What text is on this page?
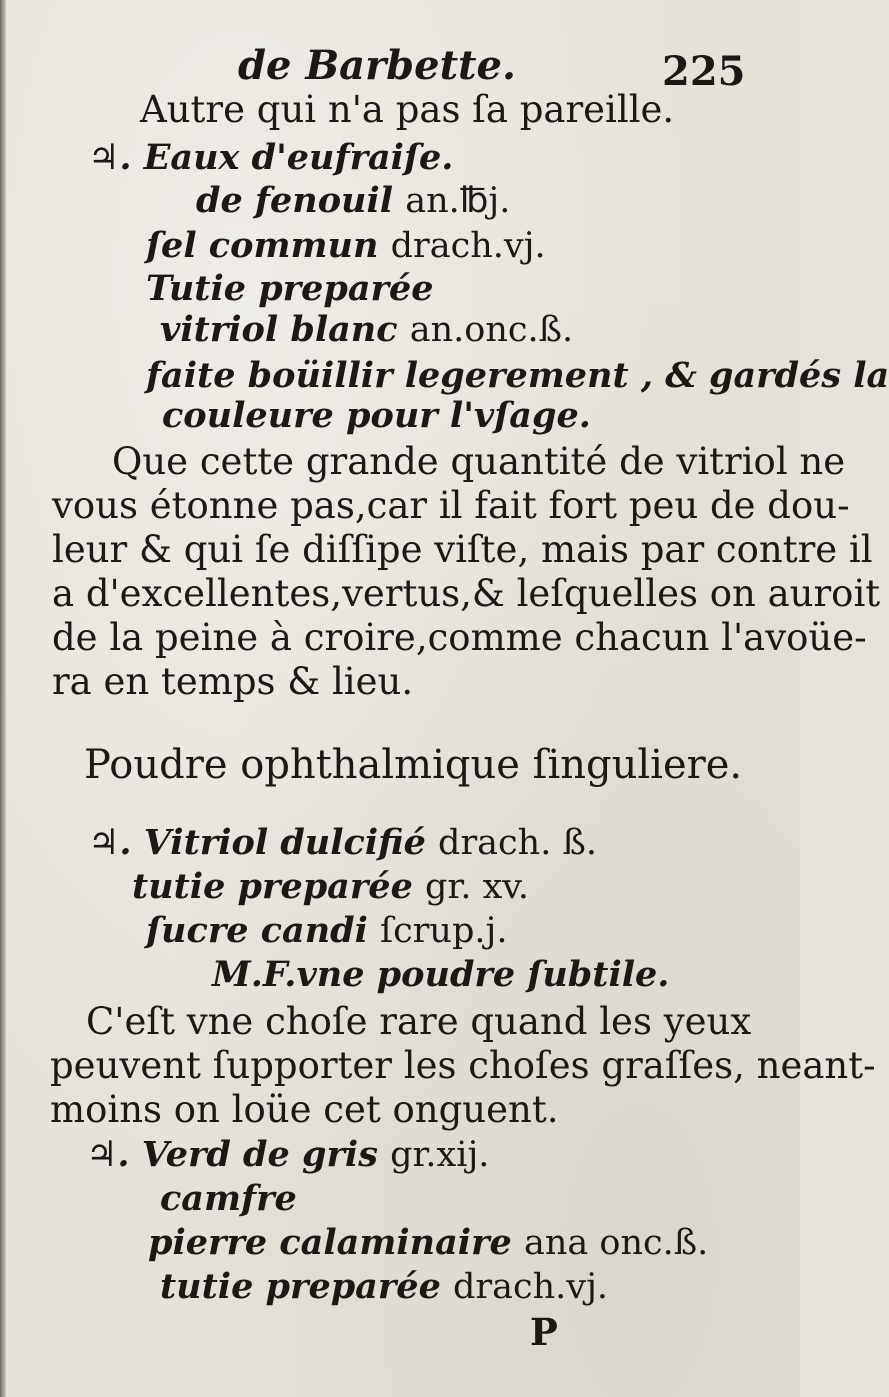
de Barbette.	225
Autre qui n'a pas ſa pareille.
♃. Eaux d'eufraiſe.
de fenouil an.℔j.
ſel commun drach.vj.
Tutie preparée
vitriol blanc an.onc.ß.
faite boüillir legerement , & gardés la
couleure pour l'vſage.
Que cette grande quantité de vitriol ne
vous étonne pas,car il fait fort peu de dou-
leur & qui ſe diſſipe viſte, mais par contre il
a d'excellentes,vertus,& leſquelles on auroit
de la peine à croire,comme chacun l'avoüe-
ra en temps & lieu.
Poudre ophthalmique ſinguliere.
♃. Vitriol dulcifié drach. ß.
tutie preparée gr. xv.
ſucre candi ſcrup.j.
M.F.vne poudre ſubtile.
C'eſt vne choſe rare quand les yeux
peuvent ſupporter les choſes graſſes, neant-
moins on loüe cet onguent.
♃. Verd de gris gr.xij.
camfre
pierre calaminaire ana onc.ß.
tutie preparée drach.vj.
P
